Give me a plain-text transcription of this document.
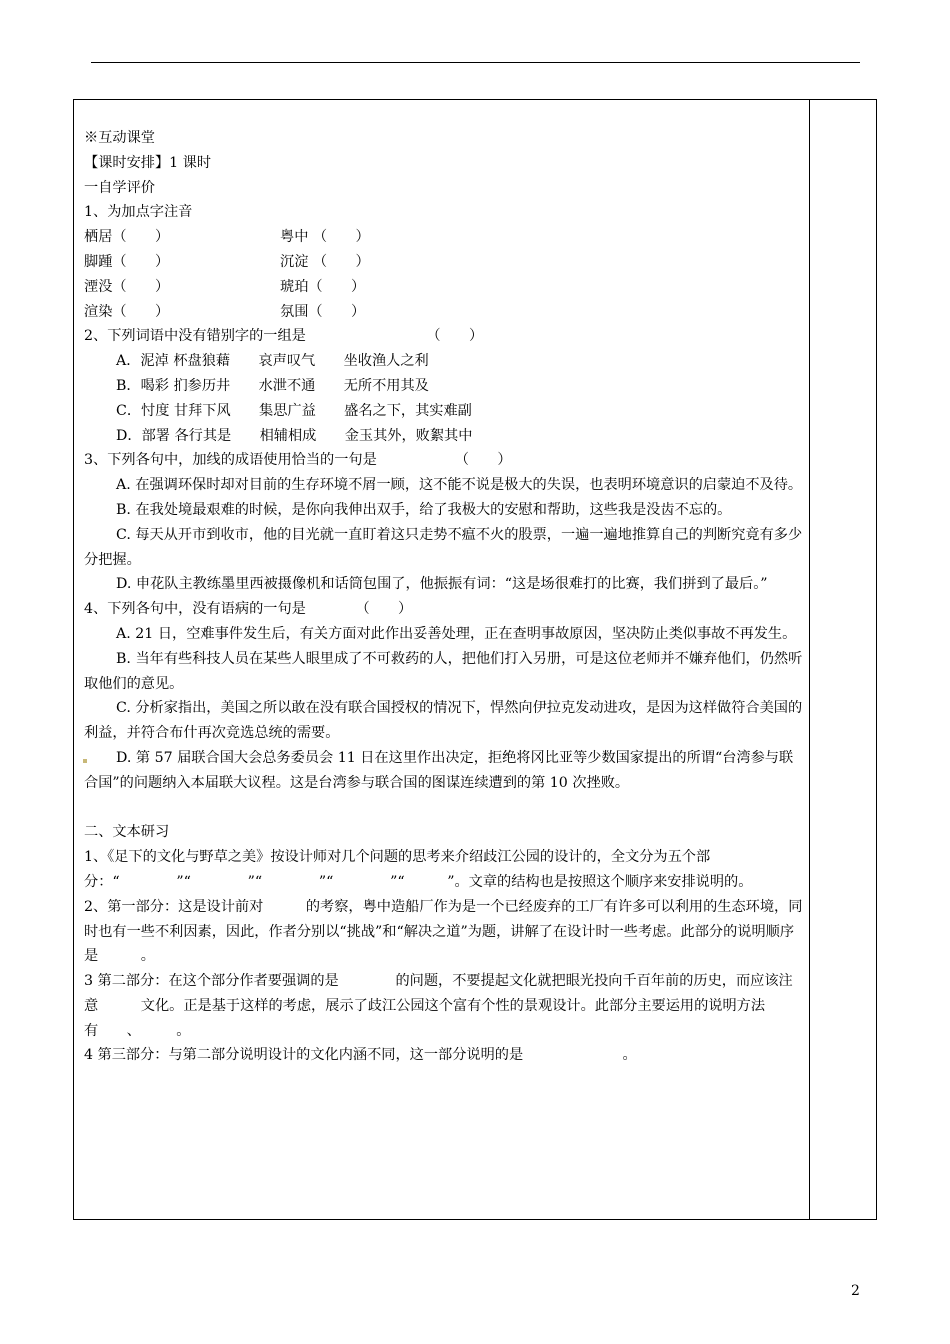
※互动课堂
【课时安排】1 课时
一自学评价
1、为加点字注音
栖居（　　）	粤中 （　　）
脚踵（　　）	沉淀 （　　）
湮没（　　）	琥珀（　　）
渲染（　　）	氛围（　　）
2、下列词语中没有错别字的一组是　　　　　　　　　（　　）
A．泥淖 杯盘狼藉　　哀声叹气　　坐收渔人之利
B．喝彩 扪参历井　　水泄不通　　无所不用其及
C．忖度 甘拜下风　　集思广益　　盛名之下，其实难副
D．部署 各行其是　　相辅相成　　金玉其外，败絮其中
3、下列各句中，加线的成语使用恰当的一句是　　　　　　（　　）
A. 在强调环保时却对目前的生存环境不屑一顾，这不能不说是极大的失误，也表明环境意识的启蒙迫不及待。
B. 在我处境最艰难的时候，是你向我伸出双手，给了我极大的安慰和帮助，这些我是没齿不忘的。
C. 每天从开市到收市，他的目光就一直盯着这只走势不瘟不火的股票，一遍一遍地推算自己的判断究竟有多少分把握。
D. 申花队主教练墨里西被摄像机和话筒包围了，他振振有词：“这是场很难打的比赛，我们拼到了最后。”
4、下列各句中，没有语病的一句是　　　　（　　）
A. 21 日，空难事件发生后，有关方面对此作出妥善处理，正在查明事故原因，坚决防止类似事故不再发生。
B. 当年有些科技人员在某些人眼里成了不可救药的人，把他们打入另册，可是这位老师并不嫌弃他们，仍然听取他们的意见。
C. 分析家指出，美国之所以敢在没有联合国授权的情况下，悍然向伊拉克发动进攻，是因为这样做符合美国的利益，并符合布什再次竞选总统的需要。
D. 第 57 届联合国大会总务委员会 11 日在这里作出决定，拒绝将冈比亚等少数国家提出的所谓“台湾参与联合国”的问题纳入本届联大议程。这是台湾参与联合国的图谋连续遭到的第 10 次挫败。
二、文本研习
1、《足下的文化与野草之美》按设计师对几个问题的思考来介绍歧江公园的设计的，全文分为五个部分：“　　　　”“　　　　”“　　　　”“　　　　”“　　　”。文章的结构也是按照这个顺序来安排说明的。
2、第一部分：这是设计前对　　　的考察，粤中造船厂作为是一个已经废弃的工厂有许多可以利用的生态环境，同时也有一些不利因素，因此，作者分别以“挑战”和“解决之道”为题，讲解了在设计时一些考虑。此部分的说明顺序是　　　。
3 第二部分：在这个部分作者要强调的是　　　　的问题，不要提起文化就把眼光投向千百年前的历史，而应该注意　　　文化。正是基于这样的考虑，展示了歧江公园这个富有个性的景观设计。此部分主要运用的说明方法有　　、　　　。
4 第三部分：与第二部分说明设计的文化内涵不同，这一部分说明的是　　　　　　　。
2
